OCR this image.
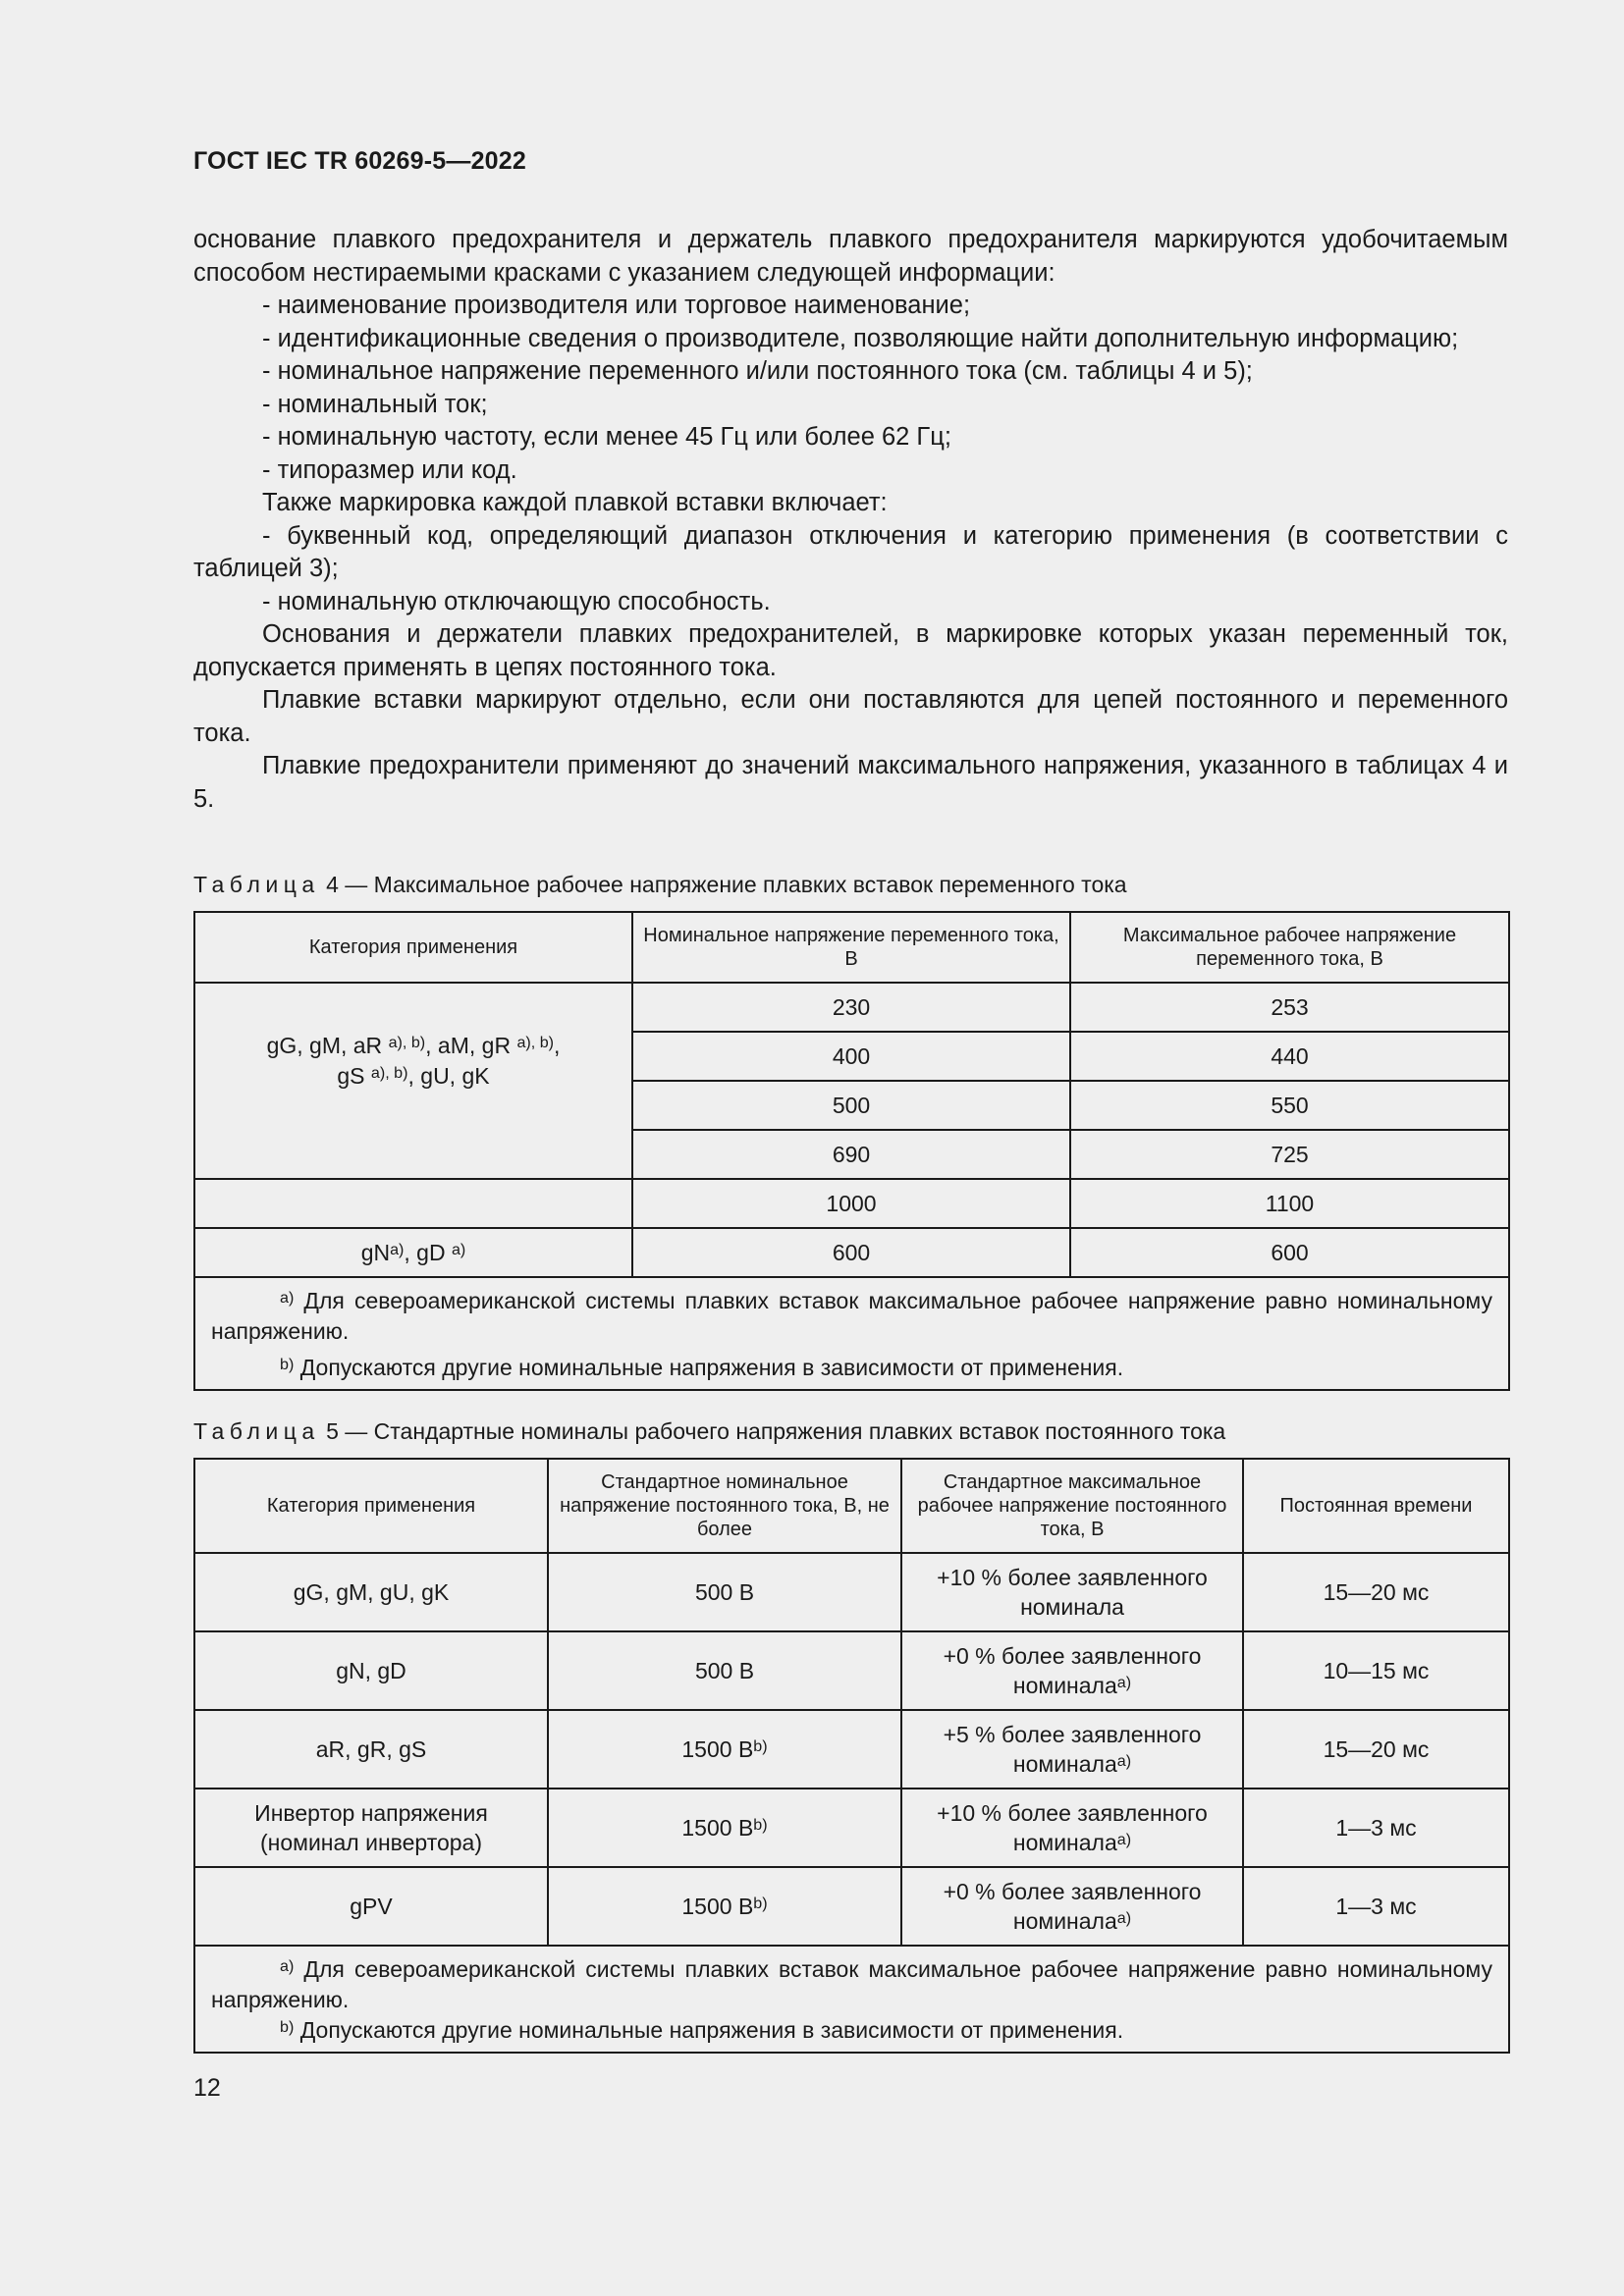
ГОСТ IEC TR 60269-5—2022

основание плавкого предохранителя и держатель плавкого предохранителя маркируются удобочитаемым способом нестираемыми красками с указанием следующей информации:

- наименование производителя или торговое наименование;

- идентификационные сведения о производителе, позволяющие найти дополнительную информацию;

- номинальное напряжение переменного и/или постоянного тока (см. таблицы 4 и 5);

- номинальный ток;

- номинальную частоту, если менее 45 Гц или более 62 Гц;

- типоразмер или код.

Также маркировка каждой плавкой вставки включает:

- буквенный код, определяющий диапазон отключения и категорию применения (в соответствии с таблицей 3);

- номинальную отключающую способность.

Основания и держатели плавких предохранителей, в маркировке которых указан переменный ток, допускается применять в цепях постоянного тока.

Плавкие вставки маркируют отдельно, если они поставляются для цепей постоянного и переменного тока.

Плавкие предохранители применяют до значений максимального напряжения, указанного в таблицах 4 и 5.

Таблица 4 — Максимальное рабочее напряжение плавких вставок переменного тока
Категория применения	Номинальное напряжение переменного тока, В	Максимальное рабочее напряжение переменного тока, В
gG, gM, aR $^{a), b)}$, aM, gR $^{a), b)}$,
gS $^{a), b)}$, gU, gK	230	253
	400	440
	500	550
	690	725
	1000	1100
$gN^{a)}$, gD $^{a)}$	600	600

$^{a)}$ Для североамериканской системы плавких вставок максимальное рабочее напряжение равно номинальному напряжению.

$^{b)}$ Допускаются другие номинальные напряжения в зависимости от применения.		

Таблица 5 — Стандартные номиналы рабочего напряжения плавких вставок постоянного тока
Категория применения	Стандартное номинальное напряжение постоянного тока, В, не более	Стандартное максимальное рабочее напряжение постоянного тока, В	Постоянная времени
gG, gM, gU, gK	500 В	+10 % более заявленного номинала	15—20 мс
gN, gD	500 В	+0 % более заявленного номинала$^{a)}$	10—15 мс
aR, gR, gS	1500 $В^{b)}$	+5 % более заявленного номинала$^{a)}$	15—20 мс
Инвертор напряжения (номинал инвертора)	1500 $В^{b)}$	+10 % более заявленного номинала$^{a)}$	1—3 мс
gPV	1500 $В^{b)}$	+0 % более заявленного номинала$^{a)}$	1—3 мс

$^{a)}$ Для североамериканской системы плавких вставок максимальное рабочее напряжение равно номинальному напряжению.

$^{b)}$ Допускаются другие номинальные напряжения в зависимости от применения.			

12
